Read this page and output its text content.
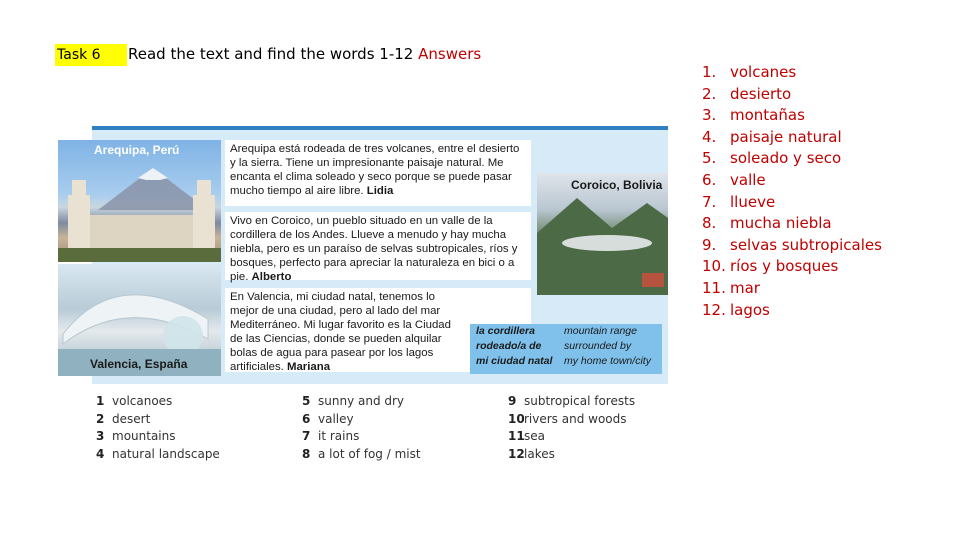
Task 6	Read the text and find the words 1-12 Answers
1. volcanes
2. desierto
3. montañas
4. paisaje natural
5. soleado y seco
6. valle
7. llueve
8. mucha niebla
9. selvas subtropicales
10. ríos y bosques
11. mar
12. lagos
Arequipa, Perú
Valencia, España
Coroico, Bolivia
Arequipa está rodeada de tres volcanes, entre el desierto y la sierra. Tiene un impresionante paisaje natural. Me encanta el clima soleado y seco porque se puede pasar mucho tiempo al aire libre. Lidia
Vivo en Coroico, un pueblo situado en un valle de la cordillera de los Andes. Llueve a menudo y hay mucha niebla, pero es un paraíso de selvas subtropicales, ríos y bosques, perfecto para apreciar la naturaleza en bici o a pie. Alberto
En Valencia, mi ciudad natal, tenemos lo mejor de una ciudad, pero al lado del mar Mediterráneo. Mi lugar favorito es la Ciudad de las Ciencias, donde se pueden alquilar bolas de agua para pasear por los lagos artificiales. Mariana
la cordillera	mountain range
rodeado/a de	surrounded by
mi ciudad natal	my home town/city
1 volcanoes
2 desert
3 mountains
4 natural landscape
5 sunny and dry
6 valley
7 it rains
8 a lot of fog / mist
9 subtropical forests
10 rivers and woods
11 sea
12 lakes
